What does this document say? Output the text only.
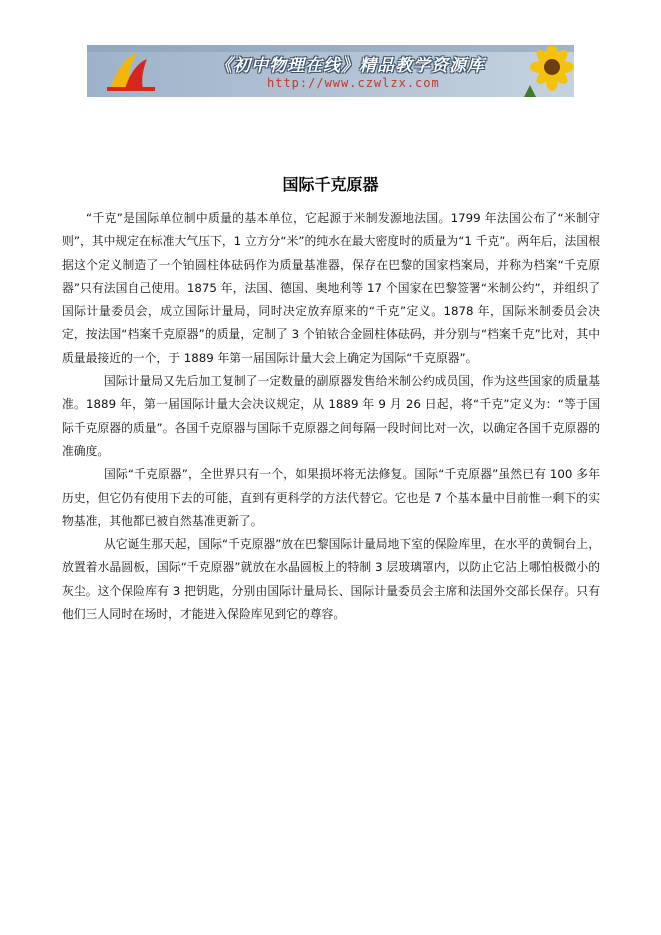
《初中物理在线》精品教学资源库
http://www.czwlzx.com
国际千克原器

“千克”是国际单位制中质量的基本单位，它起源于米制发源地法国。1799 年法国公布了“米制守则”，其中规定在标准大气压下，1 立方分“米”的纯水在最大密度时的质量为“1 千克”。两年后，法国根据这个定义制造了一个铂圆柱体砝码作为质量基准器，保存在巴黎的国家档案局，并称为档案“千克原器”只有法国自己使用。1875 年，法国、德国、奥地利等 17 个国家在巴黎签署“米制公约”，并组织了国际计量委员会，成立国际计量局，同时决定放弃原来的“千克”定义。1878 年，国际米制委员会决定，按法国“档案千克原器”的质量，定制了 3 个铂铱合金圆柱体砝码，并分别与“档案千克”比对，其中质量最接近的一个，于 1889 年第一届国际计量大会上确定为国际“千克原器”。

国际计量局又先后加工复制了一定数量的副原器发售给米制公约成员国，作为这些国家的质量基准。1889 年，第一届国际计量大会决议规定，从 1889 年 9 月 26 日起，将“千克”定义为：“等于国际千克原器的质量”。各国千克原器与国际千克原器之间每隔一段时间比对一次，以确定各国千克原器的准确度。

国际“千克原器”，全世界只有一个，如果损坏将无法修复。国际“千克原器”虽然已有 100 多年历史，但它仍有使用下去的可能，直到有更科学的方法代替它。它也是 7 个基本量中目前惟一剩下的实物基准，其他都已被自然基准更新了。

从它诞生那天起，国际“千克原器”放在巴黎国际计量局地下室的保险库里，在水平的黄铜台上，放置着水晶圆板，国际“千克原器”就放在水晶圆板上的特制 3 层玻璃罩内，以防止它沾上哪怕极微小的灰尘。这个保险库有 3 把钥匙，分别由国际计量局长、国际计量委员会主席和法国外交部长保存。只有他们三人同时在场时，才能进入保险库见到它的尊容。
